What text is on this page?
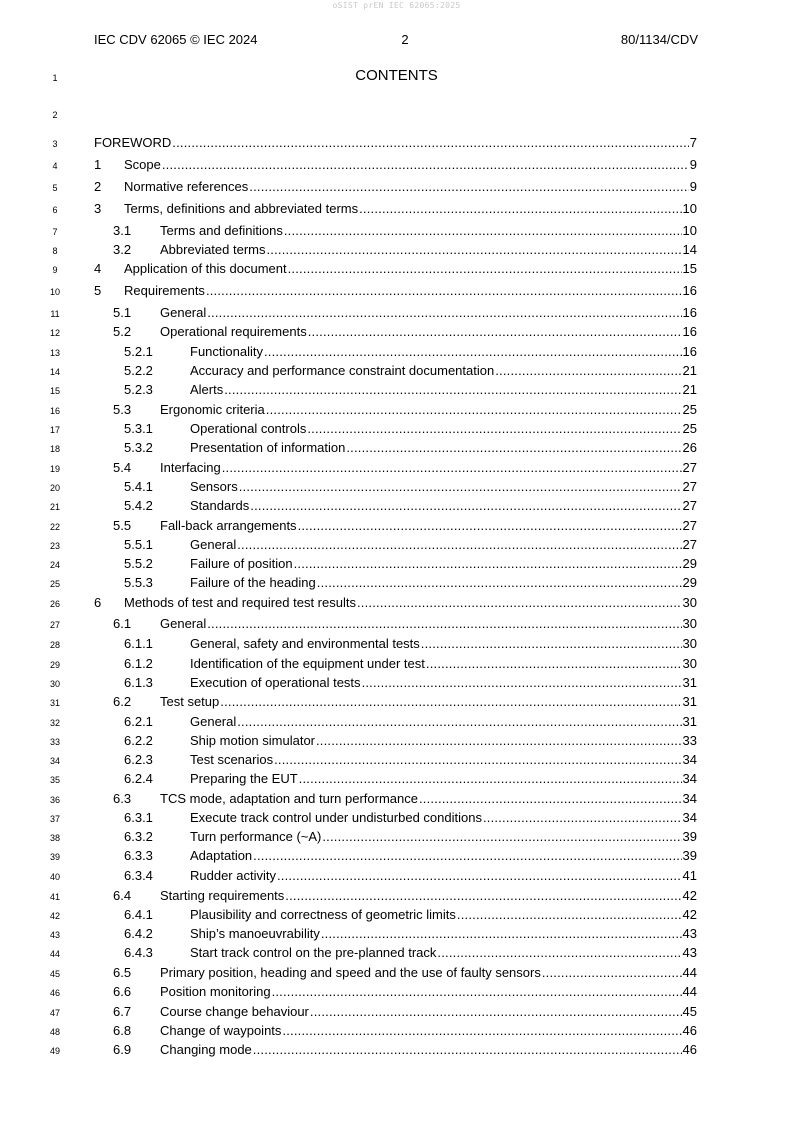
oSIST prEN IEC 62065:2025
IEC CDV 62065 © IEC 2024	2	80/1134/CDV
1	CONTENTS
2
3	FOREWORD .....	7
4	1 Scope .....	9
5	2 Normative references .....	9
6	3 Terms, definitions and abbreviated terms .....	10
7	3.1 Terms and definitions .....	10
8	3.2 Abbreviated terms .....	14
9	4 Application of this document .....	15
10	5 Requirements .....	16
11	5.1 General .....	16
12	5.2 Operational requirements .....	16
13	5.2.1	Functionality .....	16
14	5.2.2	Accuracy and performance constraint documentation .....	21
15	5.2.3	Alerts .....	21
16	5.3 Ergonomic criteria .....	25
17	5.3.1	Operational controls .....	25
18	5.3.2	Presentation of information .....	26
19	5.4 Interfacing .....	27
20	5.4.1	Sensors .....	27
21	5.4.2	Standards .....	27
22	5.5 Fall-back arrangements .....	27
23	5.5.1	General .....	27
24	5.5.2	Failure of position .....	29
25	5.5.3	Failure of the heading .....	29
26	6 Methods of test and required test results .....	30
27	6.1 General .....	30
28	6.1.1	General, safety and environmental tests .....	30
29	6.1.2	Identification of the equipment under test .....	30
30	6.1.3	Execution of operational tests .....	31
31	6.2 Test setup .....	31
32	6.2.1	General .....	31
33	6.2.2	Ship motion simulator .....	33
34	6.2.3	Test scenarios .....	34
35	6.2.4	Preparing the EUT .....	34
36	6.3 TCS mode, adaptation and turn performance .....	34
37	6.3.1	Execute track control under undisturbed conditions .....	34
38	6.3.2	Turn performance (~A) .....	39
39	6.3.3	Adaptation .....	39
40	6.3.4	Rudder activity .....	41
41	6.4 Starting requirements .....	42
42	6.4.1	Plausibility and correctness of geometric limits .....	42
43	6.4.2	Ship’s manoeuvrability .....	43
44	6.4.3	Start track control on the pre-planned track .....	43
45	6.5 Primary position, heading and speed and the use of faulty sensors .....	44
46	6.6 Position monitoring .....	44
47	6.7 Course change behaviour .....	45
48	6.8 Change of waypoints .....	46
49	6.9 Changing mode .....	46
